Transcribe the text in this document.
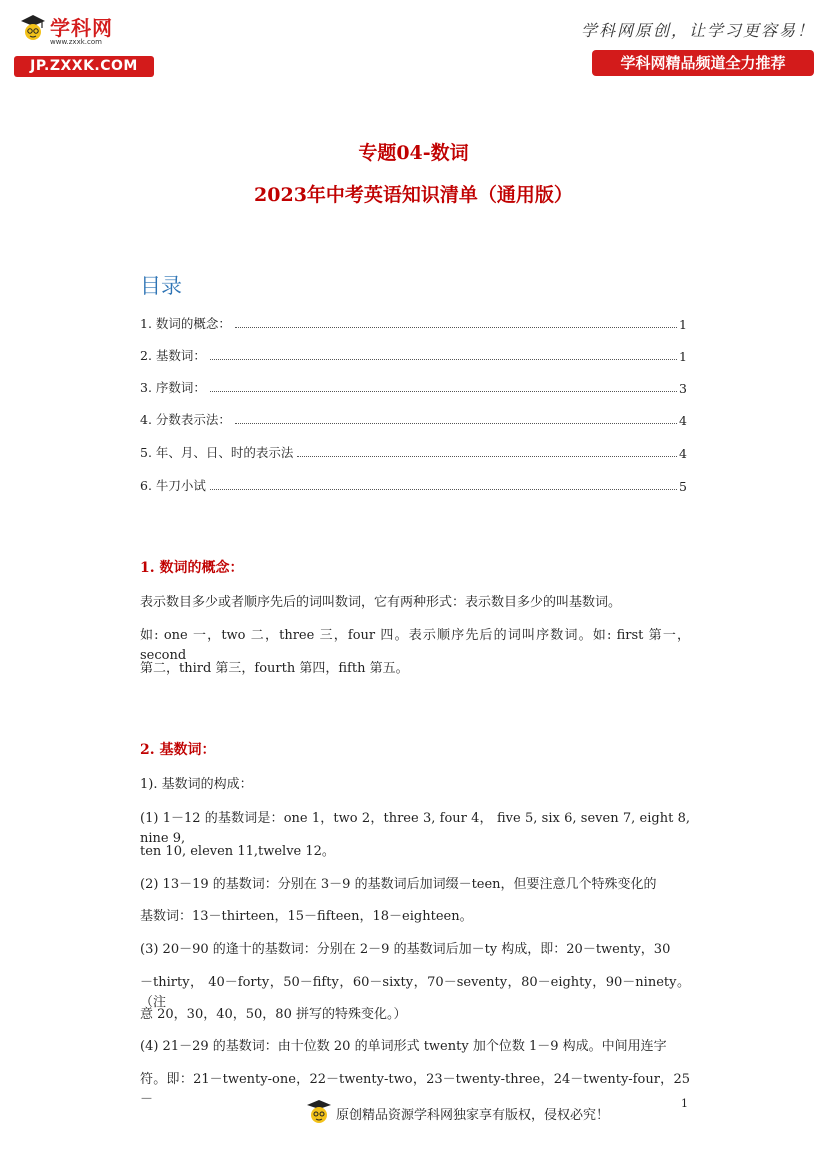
学科网
www.zxxk.com
JP.ZXXK.COM
学科网原创，让学习更容易！
学科网精品频道全力推荐
专题04-数词
2023年中考英语知识清单（通用版）
目录
1. 数词的概念：	1
2. 基数词：	1
3. 序数词：	3
4. 分数表示法：	4
5. 年、月、日、时的表示法	4
6. 牛刀小试	5
1. 数词的概念：
表示数目多少或者顺序先后的词叫数词，它有两种形式：表示数目多少的叫基数词。
如: one 一，two 二，three 三，four 四。表示顺序先后的词叫序数词。如: first 第一，second
第二，third 第三，fourth 第四，fifth 第五。
2. 基数词：
1). 基数词的构成：
(1) 1－12 的基数词是：one 1，two 2，three 3, four 4， five 5, six 6, seven 7, eight 8, nine 9,
ten 10, eleven 11,twelve 12。
(2) 13－19 的基数词：分别在 3－9 的基数词后加词缀－teen，但要注意几个特殊变化的
基数词：13－thirteen，15－fifteen，18－eighteen。
(3) 20－90 的逢十的基数词：分别在 2－9 的基数词后加－ty 构成，即：20－twenty，30
－thirty， 40－forty，50－fifty，60－sixty，70－seventy，80－eighty，90－ninety。（注
意 20，30，40，50，80 拼写的特殊变化。）
(4) 21－29 的基数词：由十位数 20 的单词形式 twenty 加个位数 1－9 构成。中间用连字
符。即：21－twenty-one，22－twenty-two，23－twenty-three，24－twenty-four，25－	1
原创精品资源学科网独家享有版权，侵权必究！
